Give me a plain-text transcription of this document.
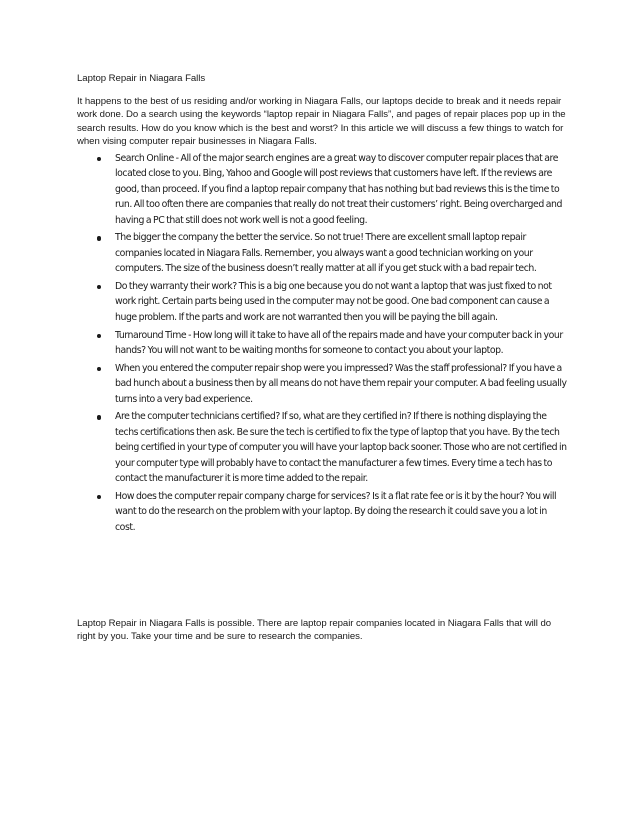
Laptop Repair in Niagara Falls

It happens to the best of us residing and/or working in Niagara Falls, our laptops decide to break and it needs repair work done. Do a search using the keywords “laptop repair in Niagara Falls”, and pages of repair places pop up in the search results. How do you know which is the best and worst? In this article we will discuss a few things to watch for when vising computer repair businesses in Niagara Falls.

Search Online - All of the major search engines are a great way to discover computer repair places that are located close to you. Bing, Yahoo and Google will post reviews that customers have left. If the reviews are good, than proceed. If you find a laptop repair company that has nothing but bad reviews this is the time to run. All too often there are companies that really do not treat their customers’ right. Being overcharged and having a PC that still does not work well is not a good feeling.
The bigger the company the better the service. So not true! There are excellent small laptop repair companies located in Niagara Falls. Remember, you always want a good technician working on your computers. The size of the business doesn’t really matter at all if you get stuck with a bad repair tech.
Do they warranty their work? This is a big one because you do not want a laptop that was just fixed to not work right. Certain parts being used in the computer may not be good. One bad component can cause a huge problem. If the parts and work are not warranted then you will be paying the bill again.
Turnaround Time - How long will it take to have all of the repairs made and have your computer back in your hands? You will not want to be waiting months for someone to contact you about your laptop.
When you entered the computer repair shop were you impressed? Was the staff professional? If you have a bad hunch about a business then by all means do not have them repair your computer. A bad feeling usually turns into a very bad experience.
Are the computer technicians certified? If so, what are they certified in? If there is nothing displaying the techs certifications then ask. Be sure the tech is certified to fix the type of laptop that you have. By the tech being certified in your type of computer you will have your laptop back sooner. Those who are not certified in your computer type will probably have to contact the manufacturer a few times. Every time a tech has to contact the manufacturer it is more time added to the repair.
How does the computer repair company charge for services? Is it a flat rate fee or is it by the hour? You will want to do the research on the problem with your laptop. By doing the research it could save you a lot in cost.

Laptop Repair in Niagara Falls is possible. There are laptop repair companies located in Niagara Falls that will do right by you. Take your time and be sure to research the companies.
